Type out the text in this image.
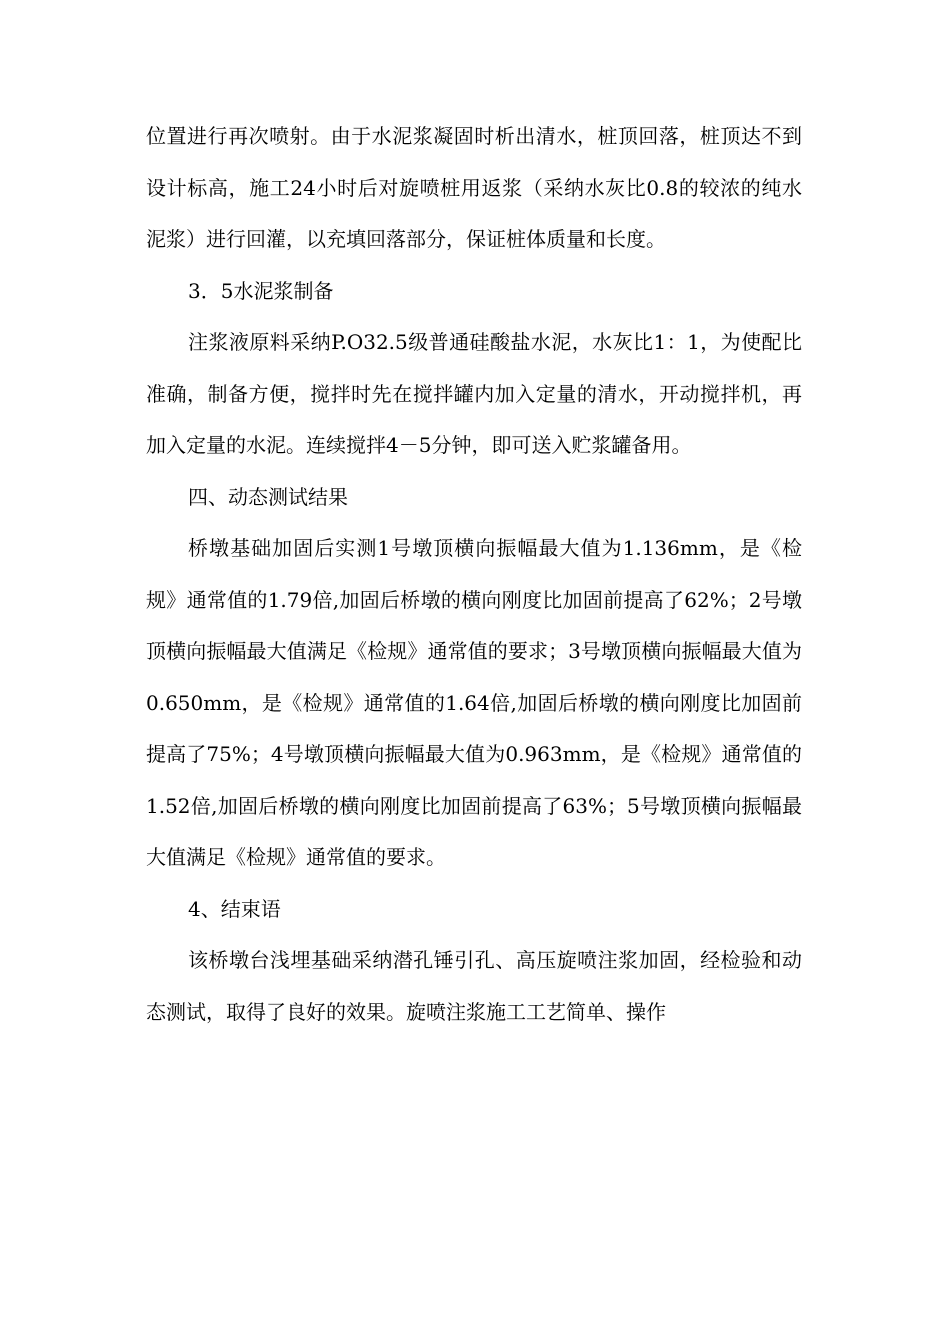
位置进行再次喷射。由于水泥浆凝固时析出清水，桩顶回落，桩顶达不到设计标高，施工24小时后对旋喷桩用返浆（采纳水灰比0.8的较浓的纯水泥浆）进行回灌，以充填回落部分，保证桩体质量和长度。

3．5水泥浆制备

注浆液原料采纳P.O32.5级普通硅酸盐水泥，水灰比1：1，为使配比准确，制备方便，搅拌时先在搅拌罐内加入定量的清水，开动搅拌机，再加入定量的水泥。连续搅拌4－5分钟，即可送入贮浆罐备用。

四、动态测试结果

桥墩基础加固后实测1号墩顶横向振幅最大值为1.136mm，是《检规》通常值的1.79倍,加固后桥墩的横向刚度比加固前提高了62%；2号墩顶横向振幅最大值满足《检规》通常值的要求；3号墩顶横向振幅最大值为0.650mm，是《检规》通常值的1.64倍,加固后桥墩的横向刚度比加固前提高了75%；4号墩顶横向振幅最大值为0.963mm，是《检规》通常值的1.52倍,加固后桥墩的横向刚度比加固前提高了63%；5号墩顶横向振幅最大值满足《检规》通常值的要求。

4、结束语

该桥墩台浅埋基础采纳潜孔锤引孔、高压旋喷注浆加固，经检验和动态测试，取得了良好的效果。旋喷注浆施工工艺简单、操作
